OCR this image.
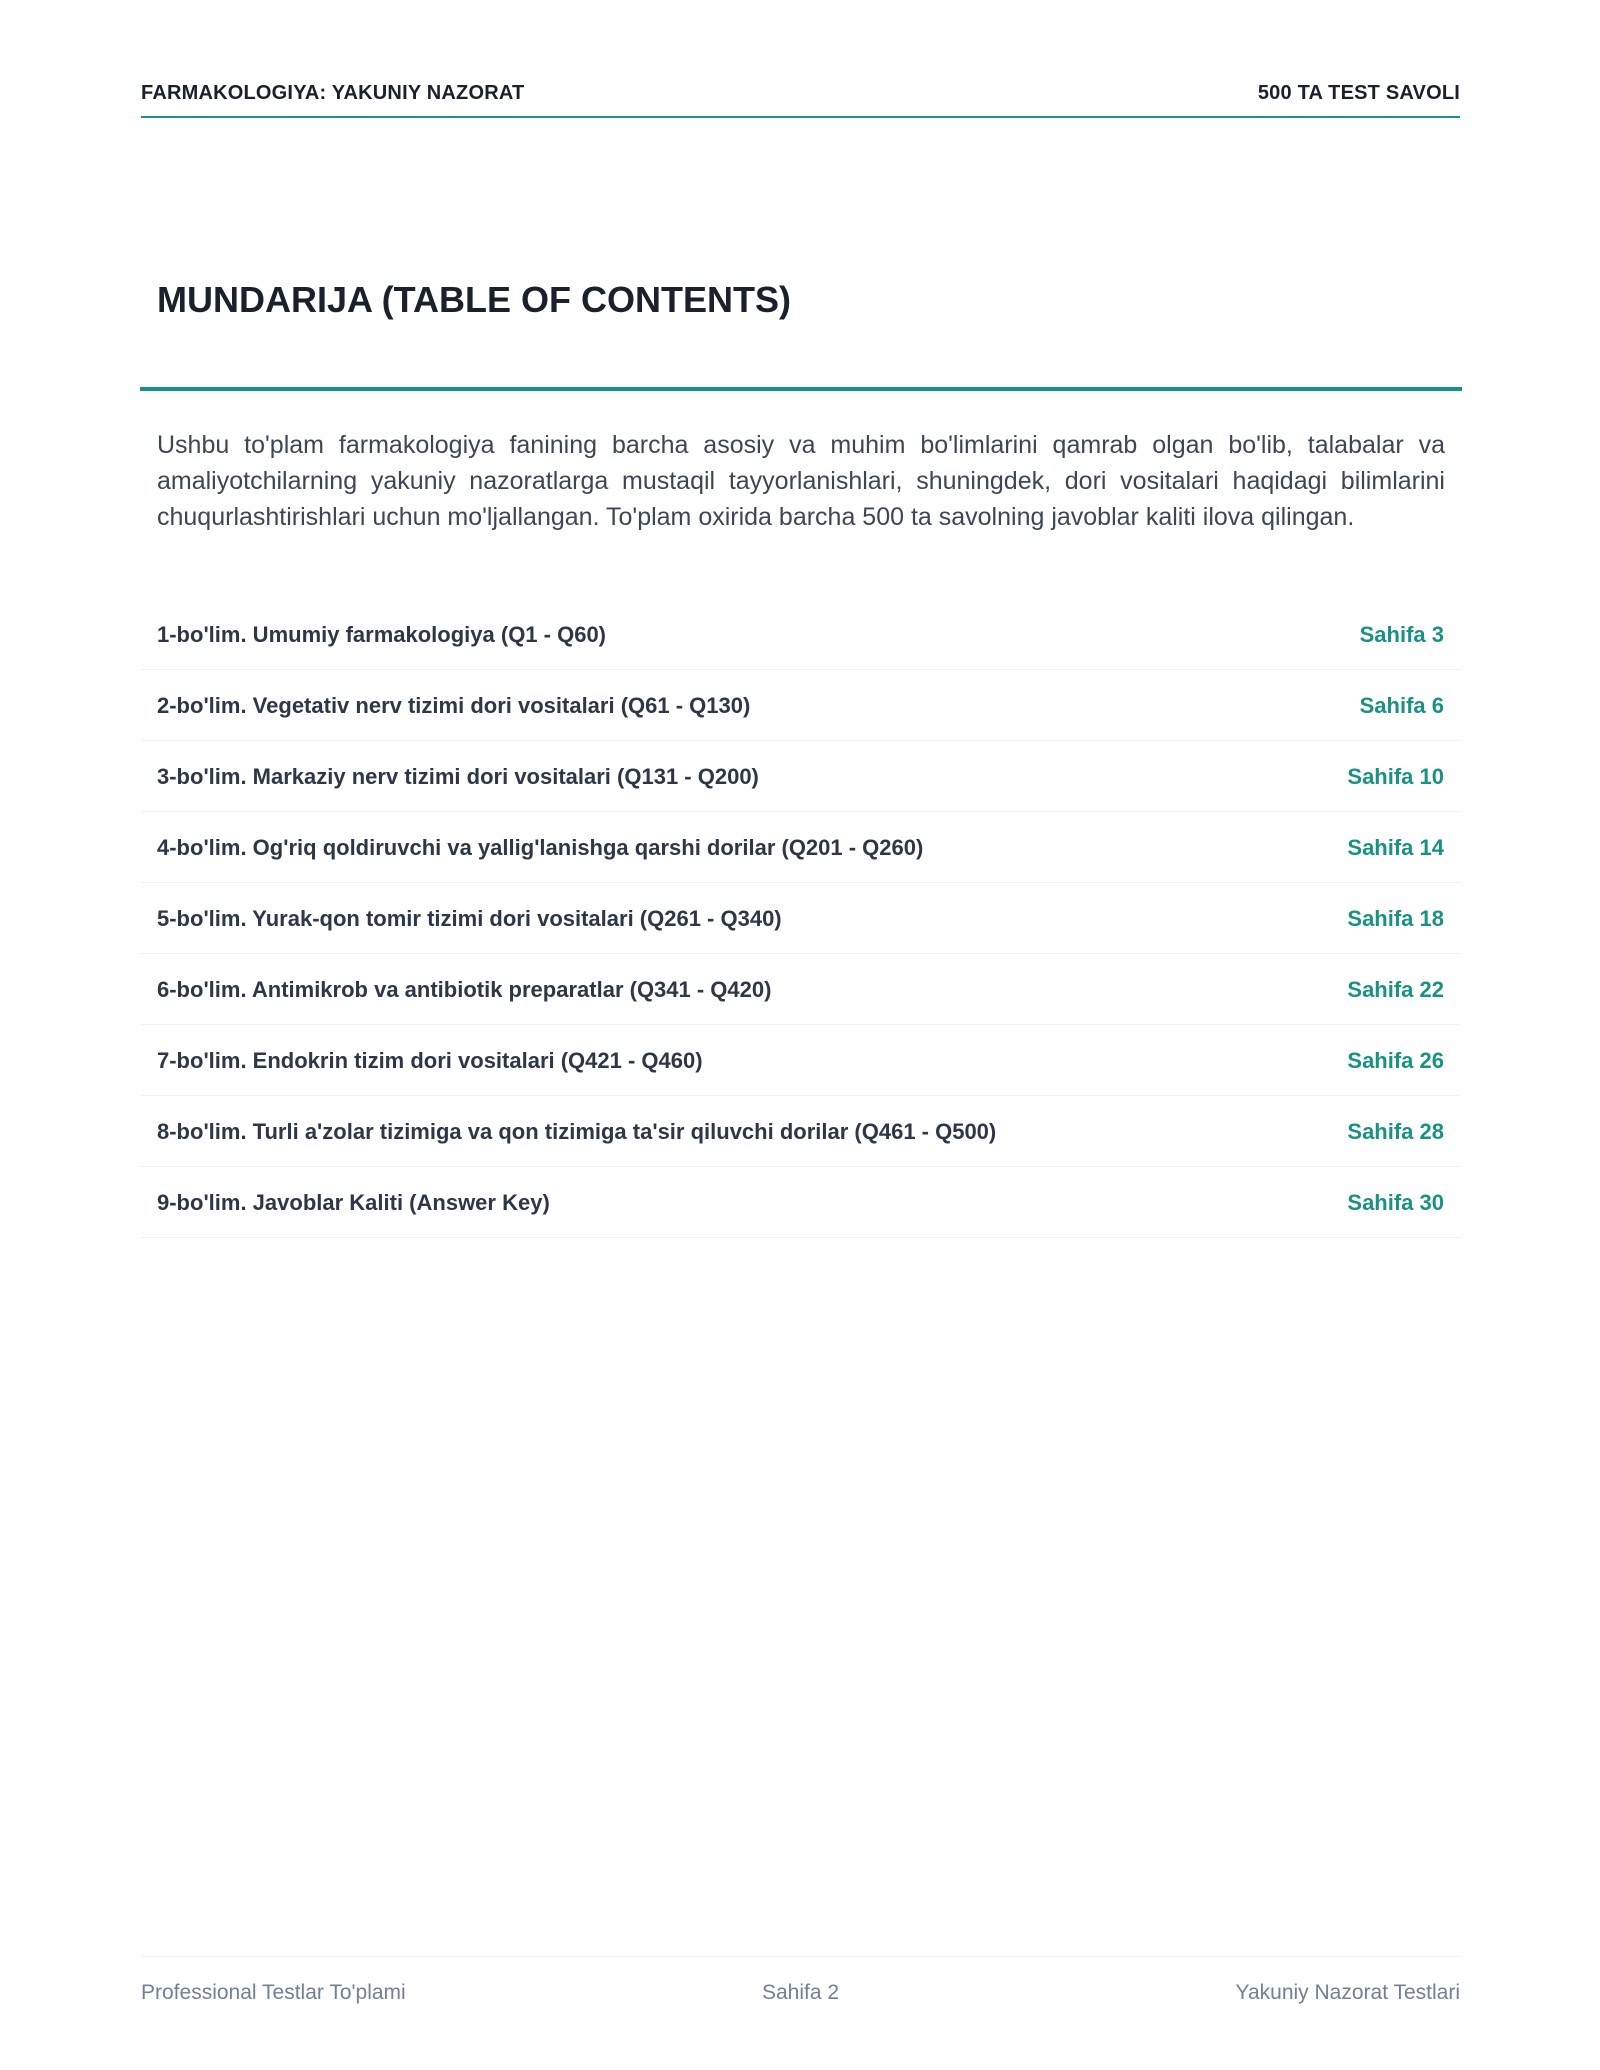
FARMAKOLOGIYA: YAKUNIY NAZORAT	500 TA TEST SAVOLI
MUNDARIJA (TABLE OF CONTENTS)

Ushbu to'plam farmakologiya fanining barcha asosiy va muhim bo'limlarini qamrab olgan bo'lib, talabalar va amaliyotchilarning yakuniy nazoratlarga mustaqil tayyorlanishlari, shuningdek, dori vositalari haqidagi bilimlarini chuqurlashtirishlari uchun mo'ljallangan. To'plam oxirida barcha 500 ta savolning javoblar kaliti ilova qilingan.

1-bo'lim. Umumiy farmakologiya (Q1 - Q60)	Sahifa 3
2-bo'lim. Vegetativ nerv tizimi dori vositalari (Q61 - Q130)	Sahifa 6
3-bo'lim. Markaziy nerv tizimi dori vositalari (Q131 - Q200)	Sahifa 10
4-bo'lim. Og'riq qoldiruvchi va yallig'lanishga qarshi dorilar (Q201 - Q260)	Sahifa 14
5-bo'lim. Yurak-qon tomir tizimi dori vositalari (Q261 - Q340)	Sahifa 18
6-bo'lim. Antimikrob va antibiotik preparatlar (Q341 - Q420)	Sahifa 22
7-bo'lim. Endokrin tizim dori vositalari (Q421 - Q460)	Sahifa 26
8-bo'lim. Turli a'zolar tizimiga va qon tizimiga ta'sir qiluvchi dorilar (Q461 - Q500)	Sahifa 28
9-bo'lim. Javoblar Kaliti (Answer Key)	Sahifa 30
Professional Testlar To'plami	Sahifa 2	Yakuniy Nazorat Testlari
